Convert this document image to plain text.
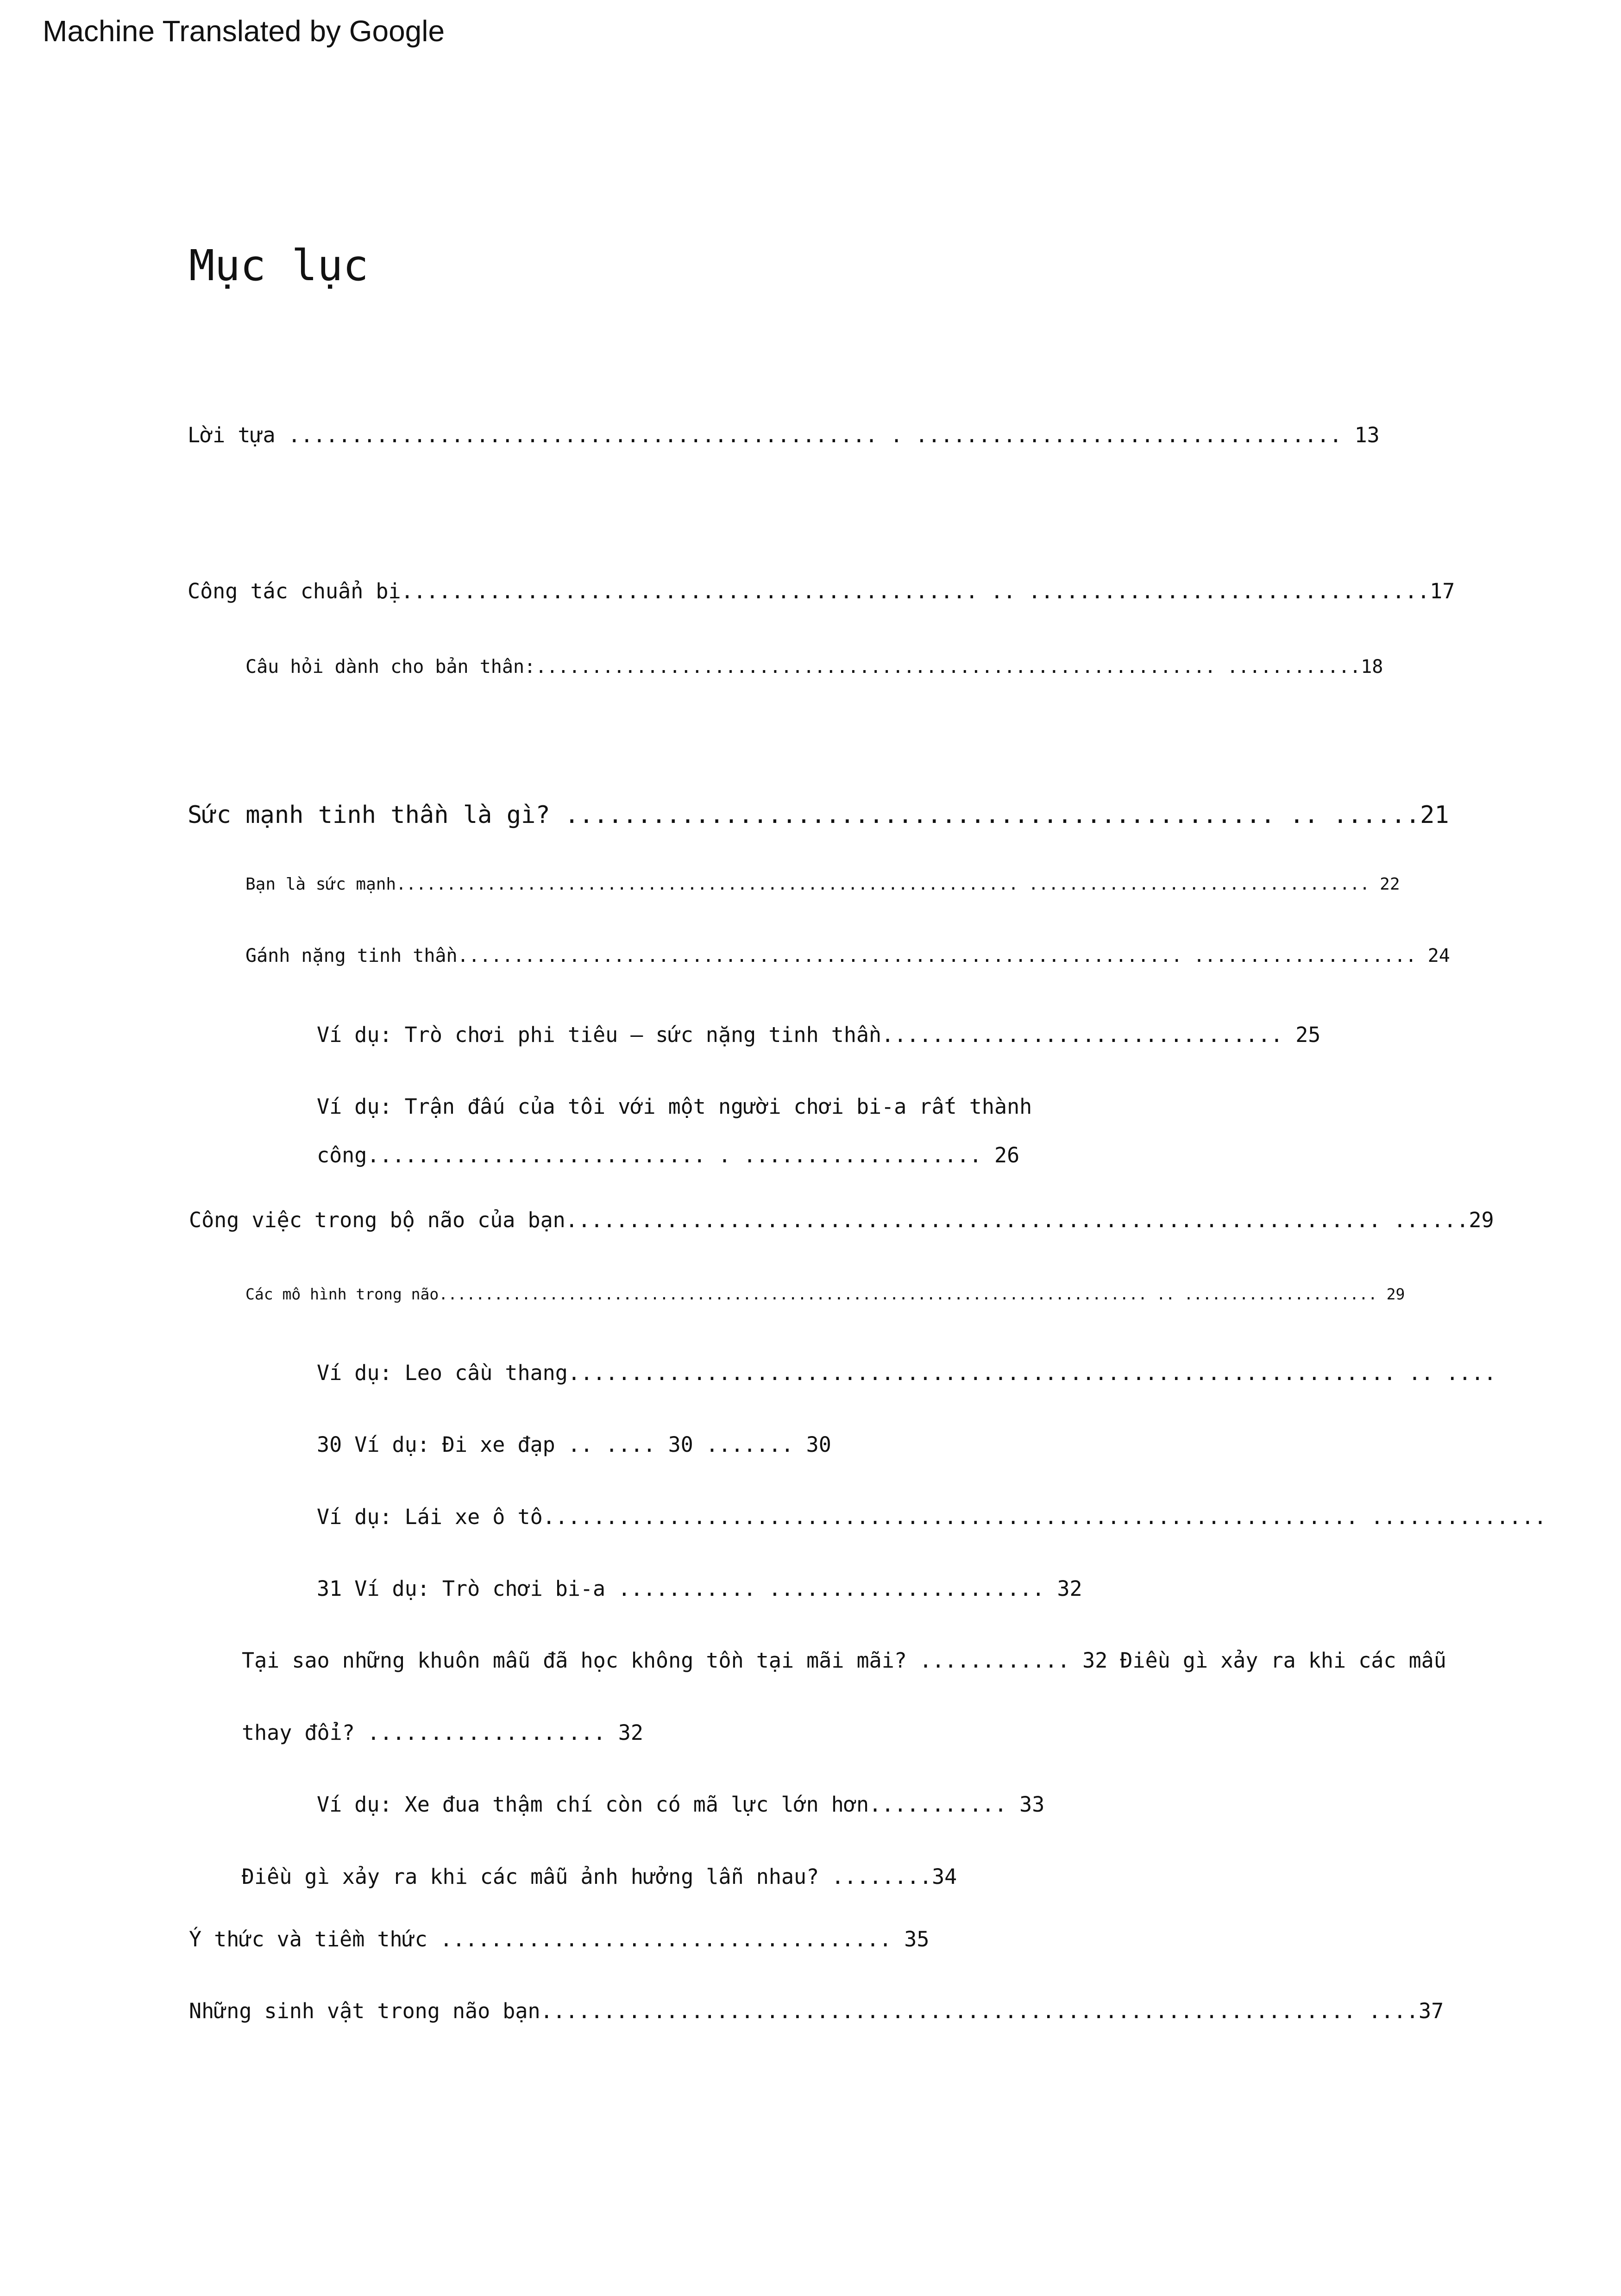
Machine Translated by Google
Mục lục
Lời tựa ............................................... . .................................. 13
Công tác chuẩn bị.............................................. .. ................................17
Câu hỏi dành cho bản thân:............................................................. ............18
Sức mạnh tinh thần là gì? ................................................. .. ......21
Bạn là sức mạnh.............................................................. .................................. 22
Gánh nặng tinh thần................................................................. .................... 24
Ví dụ: Trò chơi phi tiêu – sức nặng tinh thần................................ 25
Ví dụ: Trận đấu của tôi với một người chơi bi-a rất thành
công........................... . ................... 26
Công việc trong bộ não của bạn................................................................. ......29
Các mô hình trong não............................................................................. .. ..................... 29
Ví dụ: Leo cầu thang.................................................................. .. ....
30 Ví dụ: Đi xe đạp .. .... 30 ....... 30
Ví dụ: Lái xe ô tô................................................................. ..............
31 Ví dụ: Trò chơi bi-a ........... ...................... 32
Tại sao những khuôn mẫu đã học không tồn tại mãi mãi? ............ 32 Điều gì xảy ra khi các mẫu
thay đổi? ................... 32
Ví dụ: Xe đua thậm chí còn có mã lực lớn hơn........... 33
Điều gì xảy ra khi các mẫu ảnh hưởng lẫn nhau? ........34
Ý thức và tiềm thức .................................... 35
Những sinh vật trong não bạn................................................................. ....37
